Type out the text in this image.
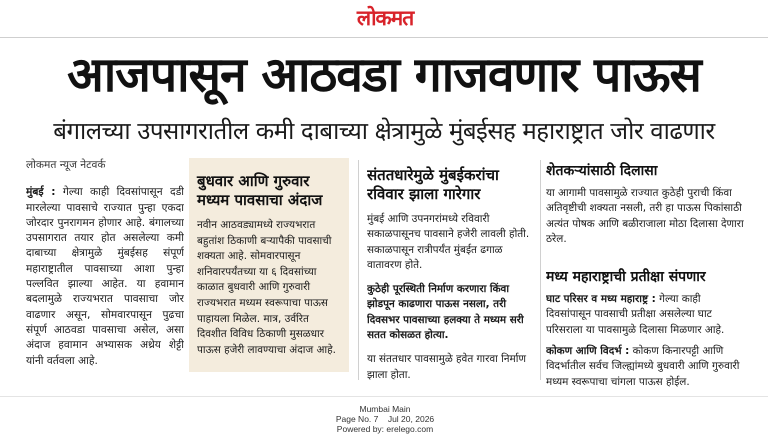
लोकमत
आजपासून आठवडा गाजवणार पाऊस
बंगालच्या उपसागरातील कमी दाबाच्या क्षेत्रामुळे मुंबईसह महाराष्ट्रात जोर वाढणार

लोकमत न्यूज नेटवर्क

मुंबई : गेल्या काही दिवसांपासून दडी मारलेल्या पावसाचे राज्यात पुन्हा एकदा जोरदार पुनरागमन होणार आहे. बंगालच्या उपसागरात तयार होत असलेल्या कमी दाबाच्या क्षेत्रामुळे मुंबईसह संपूर्ण महाराष्ट्रातील पावसाच्या आशा पुन्हा पल्लवित झाल्या आहेत. या हवामान बदलामुळे राज्यभरात पावसाचा जोर वाढणार असून, सोमवारपासून पुढचा संपूर्ण आठवडा पावसाचा असेल, असा अंदाज हवामान अभ्यासक अथ्रेय शेट्टी यांनी वर्तवला आहे.

बुधवार आणि गुरुवार मध्यम पावसाचा अंदाज

नवीन आठवड्यामध्ये राज्यभरात बहुतांश ठिकाणी बऱ्यापैकी पावसाची शक्यता आहे. सोमवारपासून शनिवारपर्यंतच्या या ६ दिवसांच्या काळात बुधवारी आणि गुरुवारी राज्यभरात मध्यम स्वरूपाचा पाऊस पाहायला मिळेल. मात्र, उर्वरित दिवशीत विविध ठिकाणी मुसळधार पाऊस हजेरी लावण्याचा अंदाज आहे.

संततधारेमुळे मुंबईकरांचा रविवार झाला गारेगार

मुंबई आणि उपनगरांमध्ये रविवारी सकाळपासूनच पावसाने हजेरी लावली होती. सकाळपासून रात्रीपर्यंत मुंबईत ढगाळ वातावरण होते.

कुठेही पूरस्थिती निर्माण करणारा किंवा झोडपून काढणारा पाऊस नसला, तरी दिवसभर पावसाच्या हलक्या ते मध्यम सरी सतत कोसळत होत्या.

या संततधार पावसामुळे हवेत गारवा निर्माण झाला होता.

शेतकऱ्यांसाठी दिलासा

या आगामी पावसामुळे राज्यात कुठेही पुराची किंवा अतिवृष्टीची शक्यता नसली, तरी हा पाऊस पिकांसाठी अत्यंत पोषक आणि बळीराजाला मोठा दिलासा देणारा ठरेल.

मध्य महाराष्ट्राची प्रतीक्षा संपणार

घाट परिसर व मध्य महाराष्ट्र : गेल्या काही दिवसांपासून पावसाची प्रतीक्षा असलेल्या घाट परिसराला या पावसामुळे दिलासा मिळणार आहे.

कोकण आणि विदर्भ : कोकण किनारपट्टी आणि विदर्भातील सर्वच जिल्ह्यांमध्ये बुधवारी आणि गुरुवारी मध्यम स्वरूपाचा चांगला पाऊस होईल.

Mumbai Main
Page No. 7 Jul 20, 2026
Powered by: erelego.com
